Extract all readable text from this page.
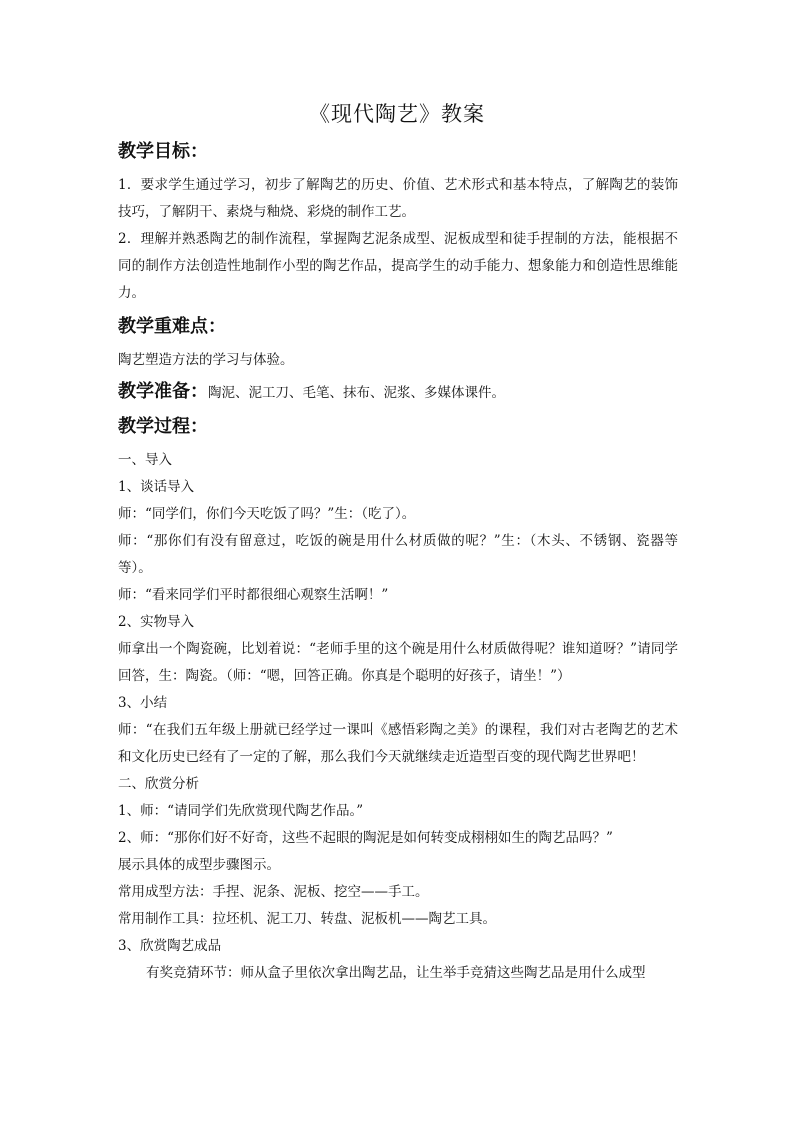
《现代陶艺》教案
教学目标：

1．要求学生通过学习，初步了解陶艺的历史、价值、艺术形式和基本特点，了解陶艺的装饰技巧，了解阴干、素烧与釉烧、彩烧的制作工艺。

2．理解并熟悉陶艺的制作流程，掌握陶艺泥条成型、泥板成型和徒手捏制的方法，能根据不同的制作方法创造性地制作小型的陶艺作品，提高学生的动手能力、想象能力和创造性思维能力。

教学重难点：

陶艺塑造方法的学习与体验。

教学准备：陶泥、泥工刀、毛笔、抹布、泥浆、多媒体课件。
教学过程：

一、导入

1、谈话导入

师：“同学们，你们今天吃饭了吗？”生：（吃了）。

师：“那你们有没有留意过，吃饭的碗是用什么材质做的呢？”生：（木头、不锈钢、瓷器等等）。

师：“看来同学们平时都很细心观察生活啊！”

2、实物导入

师拿出一个陶瓷碗，比划着说：“老师手里的这个碗是用什么材质做得呢？谁知道呀？”请同学回答，生：陶瓷。（师：“嗯，回答正确。你真是个聪明的好孩子，请坐！”）

3、小结

师：“在我们五年级上册就已经学过一课叫《感悟彩陶之美》的课程，我们对古老陶艺的艺术和文化历史已经有了一定的了解，那么我们今天就继续走近造型百变的现代陶艺世界吧！

二、欣赏分析

1、师：“请同学们先欣赏现代陶艺作品。”

2、师：“那你们好不好奇，这些不起眼的陶泥是如何转变成栩栩如生的陶艺品吗？”

展示具体的成型步骤图示。

常用成型方法：手捏、泥条、泥板、挖空——手工。

常用制作工具：拉坯机、泥工刀、转盘、泥板机——陶艺工具。

3、欣赏陶艺成品

有奖竞猜环节：师从盒子里依次拿出陶艺品，让生举手竞猜这些陶艺品是用什么成型
